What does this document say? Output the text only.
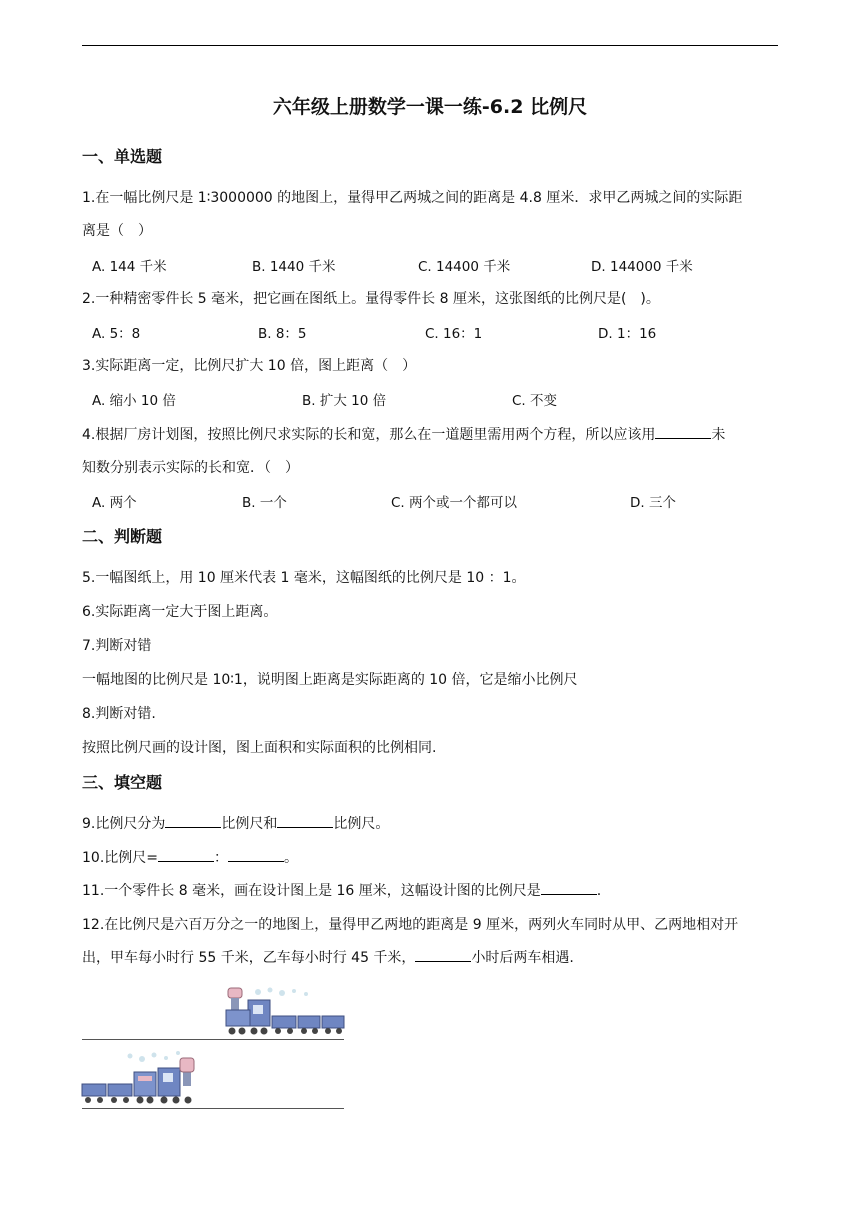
六年级上册数学一课一练-6.2 比例尺
一、单选题
1.在一幅比例尺是 1∶3000000 的地图上，量得甲乙两城之间的距离是 4.8 厘米．求甲乙两城之间的实际距
离是（　）
A. 144 千米	B. 1440 千米	C. 14400 千米	D. 144000 千米
2.一种精密零件长 5 毫米，把它画在图纸上。量得零件长 8 厘米，这张图纸的比例尺是(　)。
A. 5：8	B. 8：5	C. 16：1	D. 1：16
3.实际距离一定，比例尺扩大 10 倍，图上距离（　）
A. 缩小 10 倍	B. 扩大 10 倍	C. 不变
4.根据厂房计划图，按照比例尺求实际的长和宽，那么在一道题里需用两个方程，所以应该用	未
知数分别表示实际的长和宽．（　）
A. 两个	B. 一个	C. 两个或一个都可以	D. 三个
二、判断题
5.一幅图纸上，用 10 厘米代表 1 毫米，这幅图纸的比例尺是 10 ：1。
6.实际距离一定大于图上距离。
7.判断对错
一幅地图的比例尺是 10∶1，说明图上距离是实际距离的 10 倍，它是缩小比例尺
8.判断对错.
按照比例尺画的设计图，图上面积和实际面积的比例相同.
三、填空题
9.比例尺分为	比例尺和	比例尺。
10.比例尺=	：	。
11.一个零件长 8 毫米，画在设计图上是 16 厘米，这幅设计图的比例尺是	.
12.在比例尺是六百万分之一的地图上，量得甲乙两地的距离是 9 厘米，两列火车同时从甲、乙两地相对开
出，甲车每小时行 55 千米，乙车每小时行 45 千米，	小时后两车相遇.
